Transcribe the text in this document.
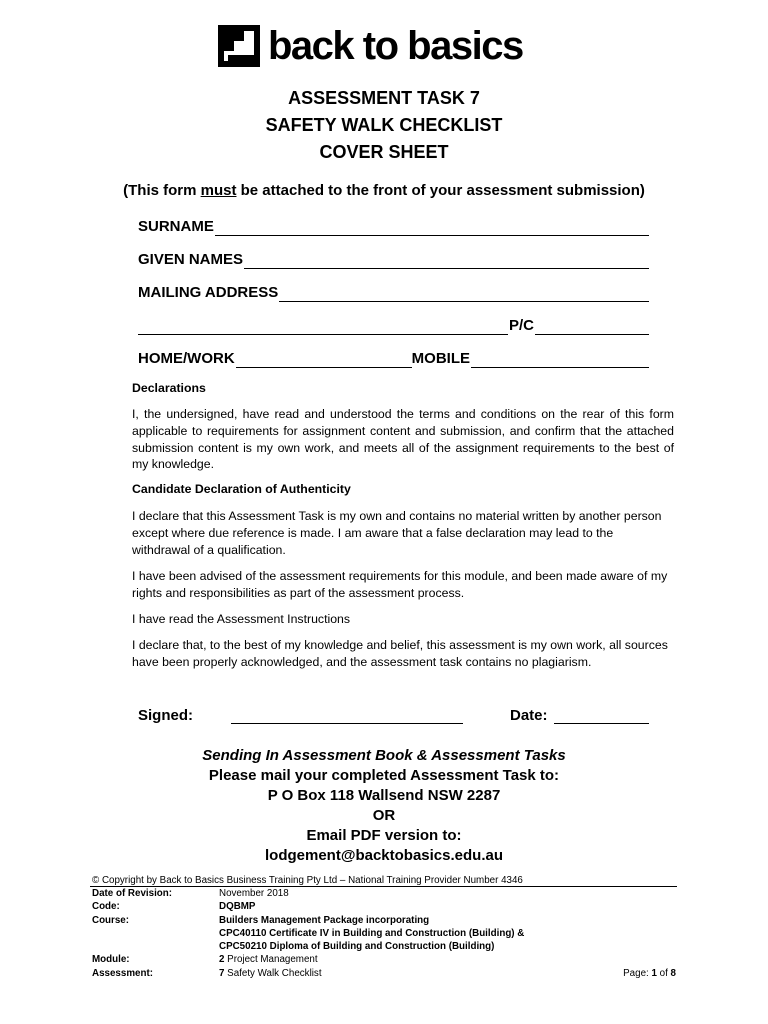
back to basics
ASSESSMENT TASK 7
SAFETY WALK CHECKLIST
COVER SHEET
(This form must be attached to the front of your assessment submission)
SURNAME
GIVEN NAMES
MAILING ADDRESS
P/C
HOME/WORK	MOBILE
Declarations
I, the undersigned, have read and understood the terms and conditions on the rear of this form applicable to requirements for assignment content and submission, and confirm that the attached submission content is my own work, and meets all of the assignment requirements to the best of my knowledge.
Candidate Declaration of Authenticity
I declare that this Assessment Task is my own and contains no material written by another person except where due reference is made. I am aware that a false declaration may lead to the withdrawal of a qualification.
I have been advised of the assessment requirements for this module, and been made aware of my rights and responsibilities as part of the assessment process.
I have read the Assessment Instructions
I declare that, to the best of my knowledge and belief, this assessment is my own work, all sources have been properly acknowledged, and the assessment task contains no plagiarism.
Signed:	Date:
Sending In Assessment Book & Assessment Tasks
Please mail your completed Assessment Task to:
P O Box 118 Wallsend NSW 2287
OR
Email PDF version to:
lodgement@backtobasics.edu.au
© Copyright by Back to Basics Business Training Pty Ltd – National Training Provider Number 4346
Date of Revision:	November 2018
Code:	DQBMP
Course:	Builders Management Package incorporating
CPC40110 Certificate IV in Building and Construction (Building) &
CPC50210 Diploma of Building and Construction (Building)
Module:	2 Project Management
Assessment:	7 Safety Walk Checklist	Page: 1 of 8
